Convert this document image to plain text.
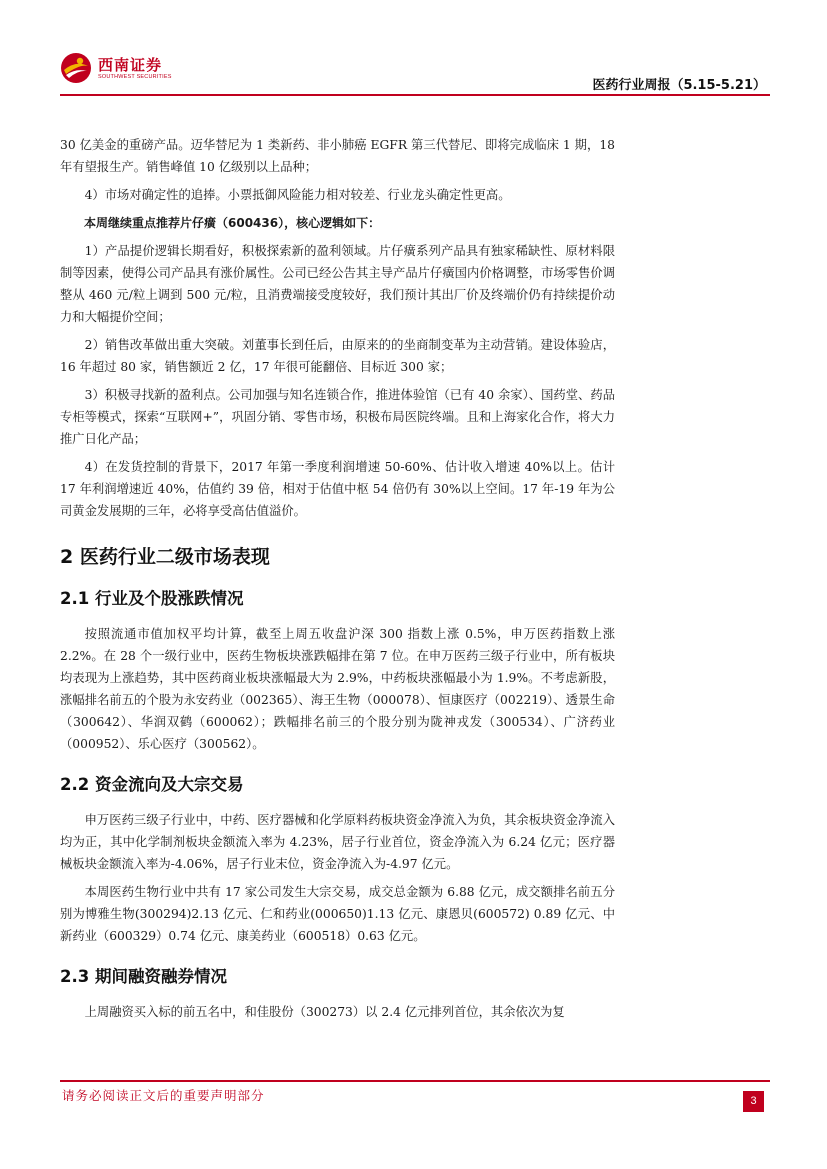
西南证券
SOUTHWEST SECURITIES
医药行业周报（5.15-5.21）

30 亿美金的重磅产品。迈华替尼为 1 类新药、非小肺癌 EGFR 第三代替尼、即将完成临床 1 期，18 年有望报生产。销售峰值 10 亿级别以上品种；

4）市场对确定性的追捧。小票抵御风险能力相对较差、行业龙头确定性更高。

本周继续重点推荐片仔癀（600436），核心逻辑如下：

1）产品提价逻辑长期看好，积极探索新的盈利领域。片仔癀系列产品具有独家稀缺性、原材料限制等因素，使得公司产品具有涨价属性。公司已经公告其主导产品片仔癀国内价格调整，市场零售价调整从 460 元/粒上调到 500 元/粒，且消费端接受度较好，我们预计其出厂价及终端价仍有持续提价动力和大幅提价空间；

2）销售改革做出重大突破。刘董事长到任后，由原来的的坐商制变革为主动营销。建设体验店，16 年超过 80 家，销售额近 2 亿，17 年很可能翻倍、目标近 300 家；

3）积极寻找新的盈利点。公司加强与知名连锁合作，推进体验馆（已有 40 余家）、国药堂、药品专柜等模式，探索“互联网+”，巩固分销、零售市场，积极布局医院终端。且和上海家化合作，将大力推广日化产品；

4）在发货控制的背景下，2017 年第一季度利润增速 50-60%、估计收入增速 40%以上。估计 17 年利润增速近 40%，估值约 39 倍，相对于估值中枢 54 倍仍有 30%以上空间。17 年-19 年为公司黄金发展期的三年，必将享受高估值溢价。

2 医药行业二级市场表现
2.1 行业及个股涨跌情况

按照流通市值加权平均计算，截至上周五收盘沪深 300 指数上涨 0.5%，申万医药指数上涨 2.2%。在 28 个一级行业中，医药生物板块涨跌幅排在第 7 位。在申万医药三级子行业中，所有板块均表现为上涨趋势，其中医药商业板块涨幅最大为 2.9%，中药板块涨幅最小为 1.9%。不考虑新股，涨幅排名前五的个股为永安药业（002365）、海王生物（000078）、恒康医疗（002219）、透景生命（300642）、华润双鹤（600062）；跌幅排名前三的个股分别为陇神戎发（300534）、广济药业（000952）、乐心医疗（300562）。

2.2 资金流向及大宗交易

申万医药三级子行业中，中药、医疗器械和化学原料药板块资金净流入为负，其余板块资金净流入均为正，其中化学制剂板块金额流入率为 4.23%，居子行业首位，资金净流入为 6.24 亿元；医疗器械板块金额流入率为-4.06%，居子行业末位，资金净流入为-4.97 亿元。

本周医药生物行业中共有 17 家公司发生大宗交易，成交总金额为 6.88 亿元，成交额排名前五分别为博雅生物(300294)2.13 亿元、仁和药业(000650)1.13 亿元、康恩贝(600572) 0.89 亿元、中新药业（600329）0.74 亿元、康美药业（600518）0.63 亿元。

2.3 期间融资融券情况

上周融资买入标的前五名中，和佳股份（300273）以 2.4 亿元排列首位，其余依次为复

请务必阅读正文后的重要声明部分	3
